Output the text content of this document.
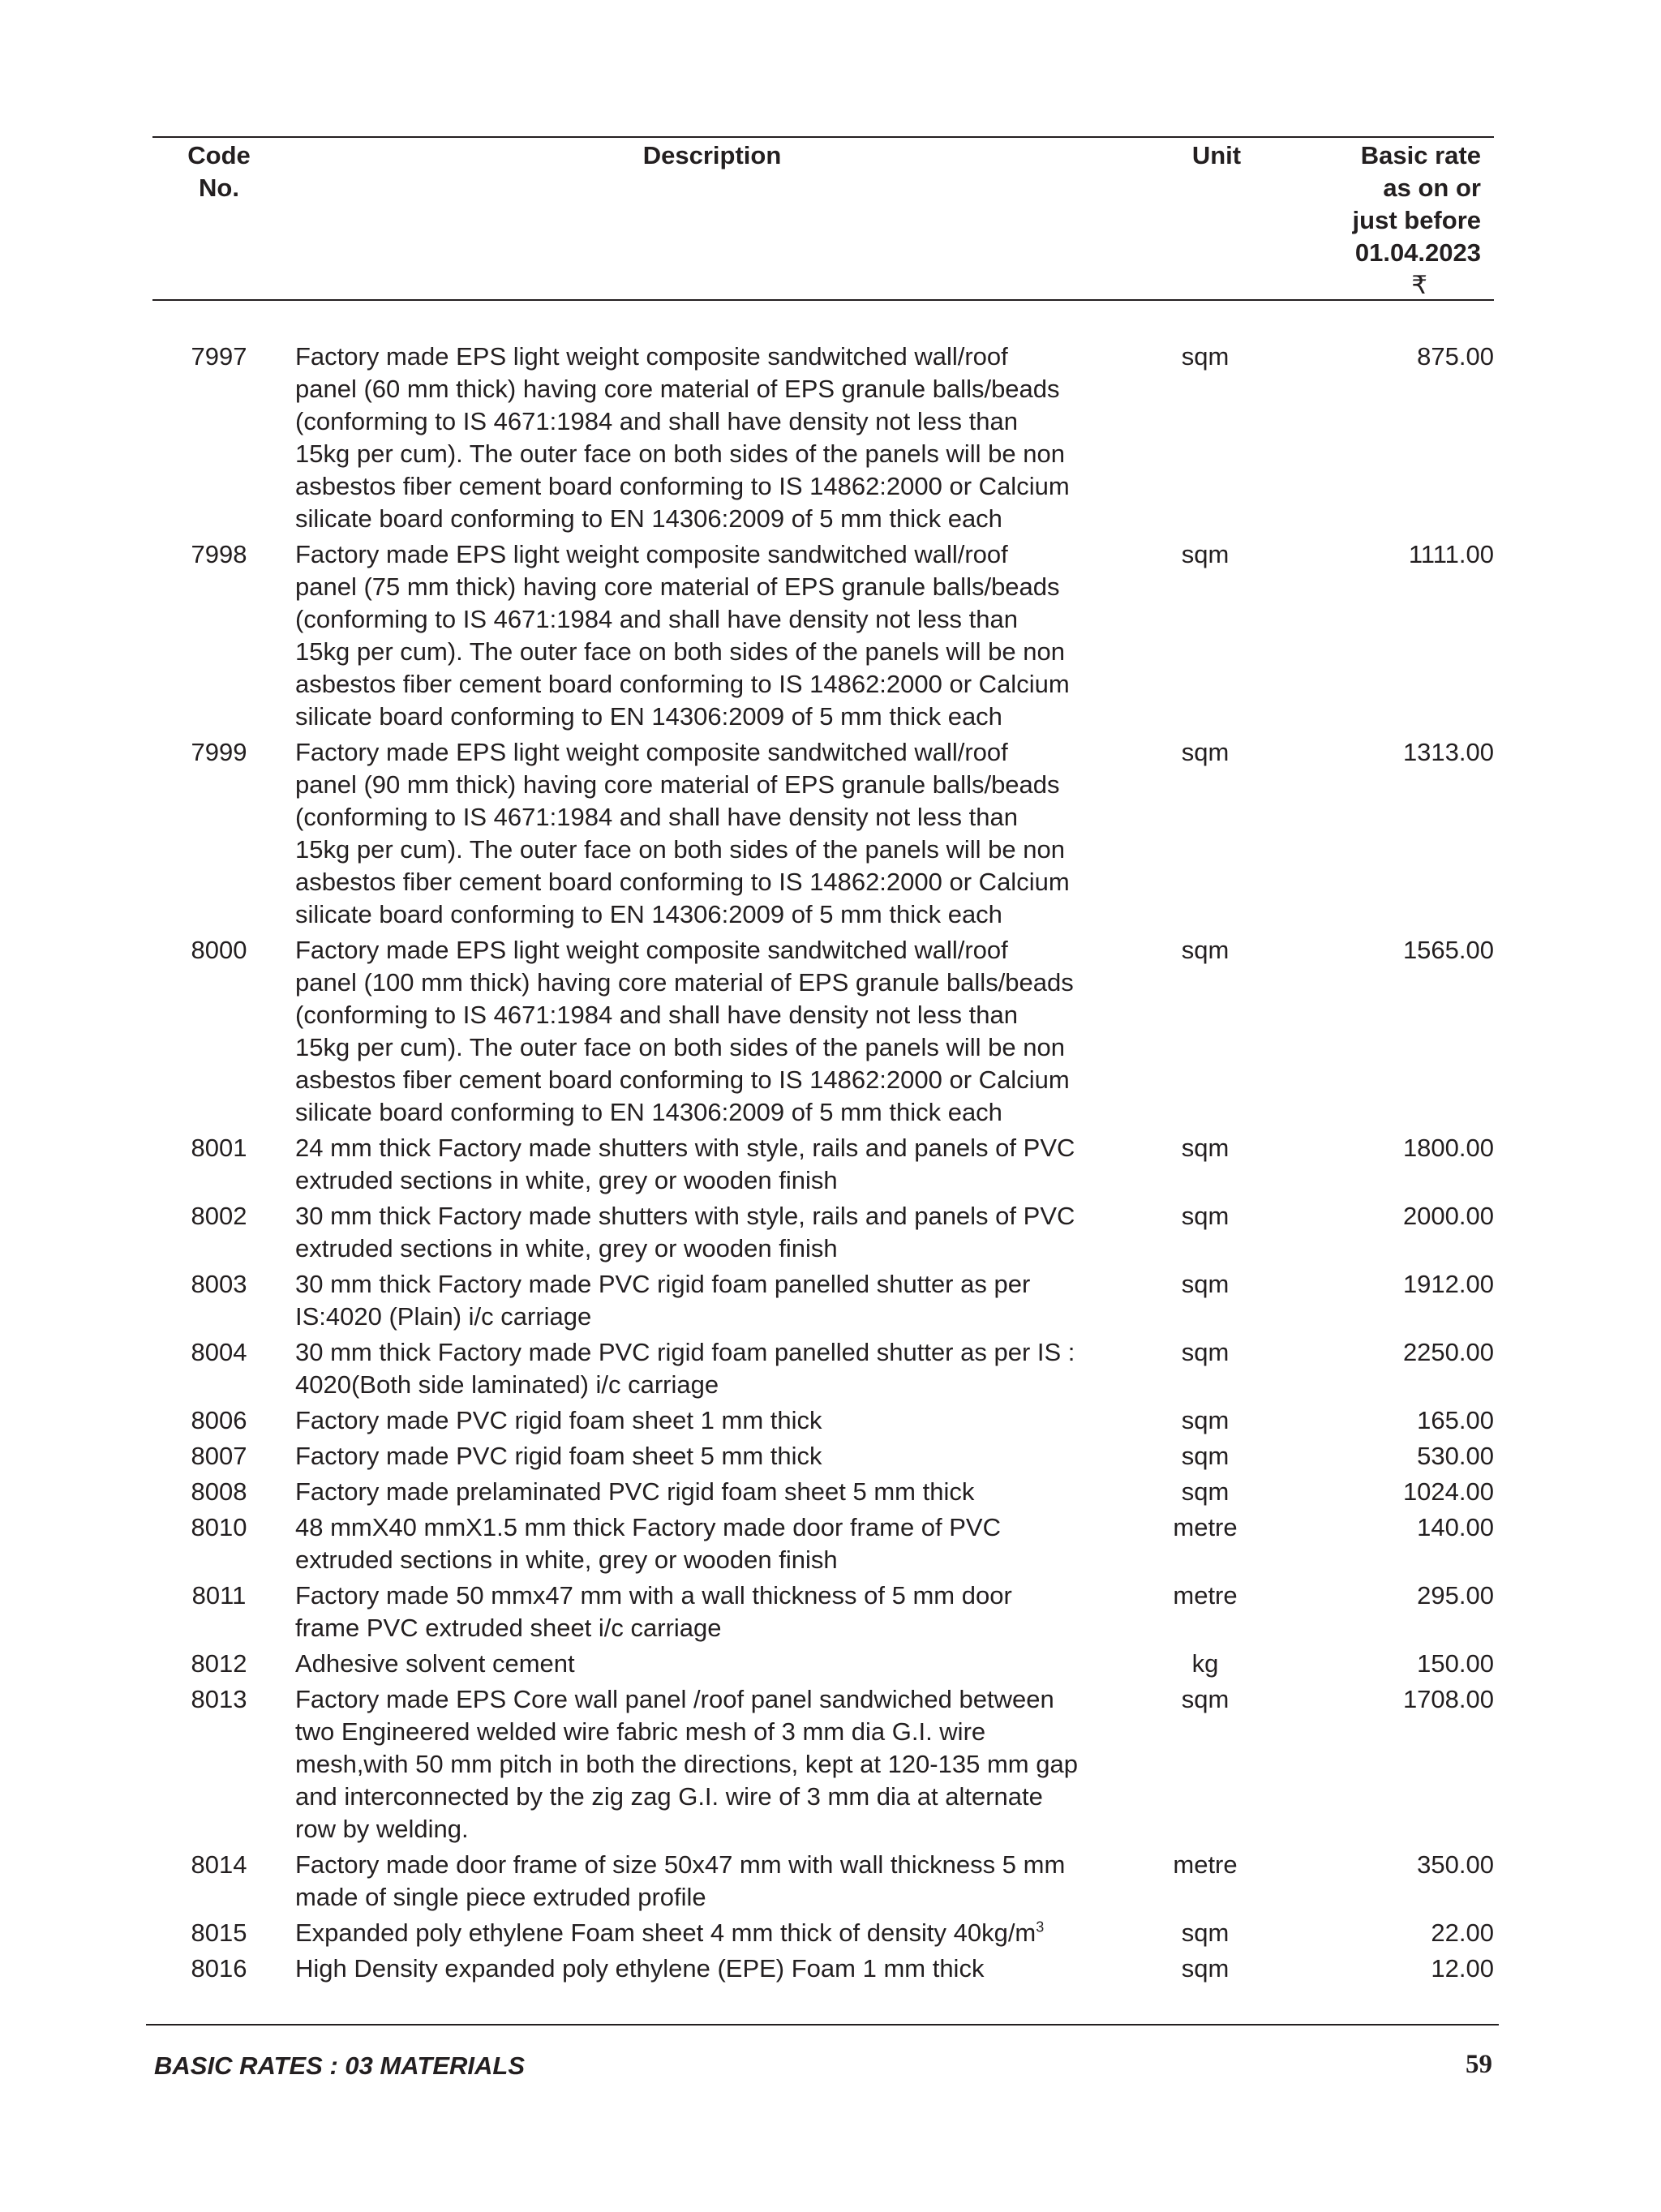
Code
No.
Description	Unit	Basic rate
as on or
just before
01.04.2023
₹
7997	Factory made EPS light weight composite sandwitched wall/roof
panel (60 mm thick) having core material of EPS granule balls/beads
(conforming to IS 4671:1984 and shall have density not less than
15kg per cum). The outer face on both sides of the panels will be non
asbestos fiber cement board conforming to IS 14862:2000 or Calcium
silicate board conforming to EN 14306:2009 of 5 mm thick each
sqm	875.00
7998	Factory made EPS light weight composite sandwitched wall/roof
panel (75 mm thick) having core material of EPS granule balls/beads
(conforming to IS 4671:1984 and shall have density not less than
15kg per cum). The outer face on both sides of the panels will be non
asbestos fiber cement board conforming to IS 14862:2000 or Calcium
silicate board conforming to EN 14306:2009 of 5 mm thick each
sqm	1111.00
7999	Factory made EPS light weight composite sandwitched wall/roof
panel (90 mm thick) having core material of EPS granule balls/beads
(conforming to IS 4671:1984 and shall have density not less than
15kg per cum). The outer face on both sides of the panels will be non
asbestos fiber cement board conforming to IS 14862:2000 or Calcium
silicate board conforming to EN 14306:2009 of 5 mm thick each
sqm	1313.00
8000	Factory made EPS light weight composite sandwitched wall/roof
panel (100 mm thick) having core material of EPS granule balls/beads
(conforming to IS 4671:1984 and shall have density not less than
15kg per cum). The outer face on both sides of the panels will be non
asbestos fiber cement board conforming to IS 14862:2000 or Calcium
silicate board conforming to EN 14306:2009 of 5 mm thick each
sqm	1565.00
8001	24 mm thick Factory made shutters with style, rails and panels of PVC
extruded sections in white, grey or wooden finish
sqm	1800.00
8002	30 mm thick Factory made shutters with style, rails and panels of PVC
extruded sections in white, grey or wooden finish
sqm	2000.00
8003	30 mm thick Factory made PVC rigid foam panelled shutter as per
IS:4020 (Plain) i/c carriage
sqm	1912.00
8004	30 mm thick Factory made PVC rigid foam panelled shutter as per IS :
4020(Both side laminated) i/c carriage
sqm	2250.00
8006	Factory made PVC rigid foam sheet 1 mm thick	sqm	165.00
8007	Factory made PVC rigid foam sheet 5 mm thick	sqm	530.00
8008	Factory made prelaminated PVC rigid foam sheet 5 mm thick	sqm	1024.00
8010	48 mmX40 mmX1.5 mm thick Factory made door frame of PVC
extruded sections in white, grey or wooden finish
metre	140.00
8011	Factory made 50 mmx47 mm with a wall thickness of 5 mm door
frame PVC extruded sheet i/c carriage
metre	295.00
8012	Adhesive solvent cement	kg	150.00
8013	Factory made EPS Core wall panel /roof panel sandwiched between
two Engineered welded wire fabric mesh of 3 mm dia G.I. wire
mesh,with 50 mm pitch in both the directions, kept at 120-135 mm gap
and interconnected by the zig zag G.I. wire of 3 mm dia at alternate
row by welding.
sqm	1708.00
8014	Factory made door frame of size 50x47 mm with wall thickness 5 mm
made of single piece extruded profile
metre	350.00
8015	Expanded poly ethylene Foam sheet 4 mm thick of density $40kg/m^3$	sqm	22.00
8016	High Density expanded poly ethylene (EPE) Foam 1 mm thick	sqm	12.00
BASIC RATES : 03 MATERIALS	59
